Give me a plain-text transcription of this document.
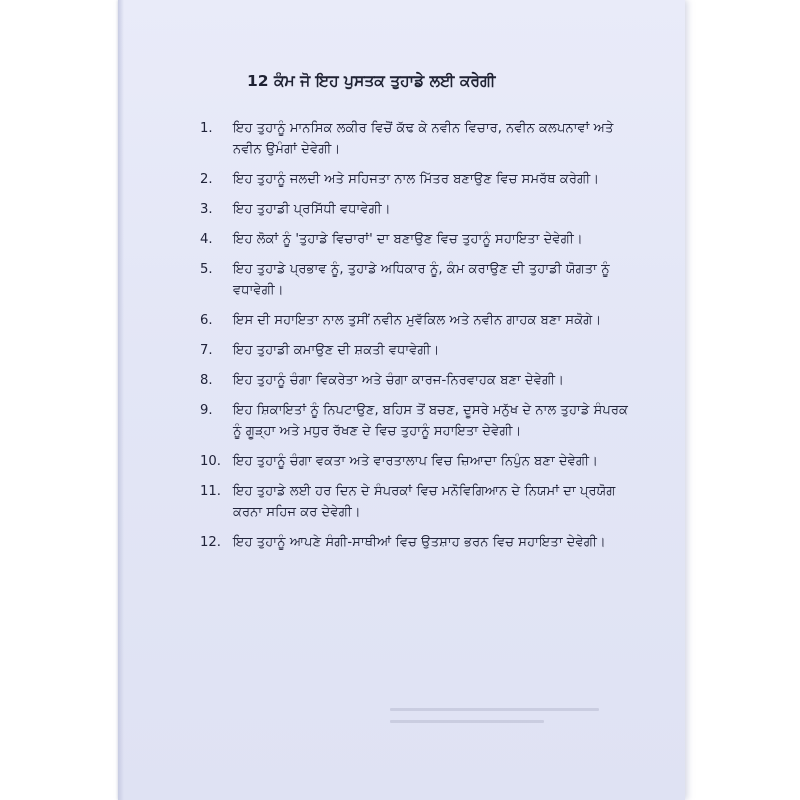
12 ਕੰਮ ਜੋ ਇਹ ਪੁਸਤਕ ਤੁਹਾਡੇ ਲਈ ਕਰੇਗੀ
1.	ਇਹ ਤੁਹਾਨੂੰ ਮਾਨਸਿਕ ਲਕੀਰ ਵਿਚੋਂ ਕੱਢ ਕੇ ਨਵੀਨ ਵਿਚਾਰ, ਨਵੀਨ ਕਲਪਨਾਵਾਂ ਅਤੇ ਨਵੀਨ ਉਮੰਗਾਂ ਦੇਵੇਗੀ।
2.	ਇਹ ਤੁਹਾਨੂੰ ਜਲਦੀ ਅਤੇ ਸਹਿਜਤਾ ਨਾਲ ਮਿੱਤਰ ਬਣਾਉਣ ਵਿਚ ਸਮਰੱਥ ਕਰੇਗੀ।
3.	ਇਹ ਤੁਹਾਡੀ ਪ੍ਰਸਿੱਧੀ ਵਧਾਵੇਗੀ।
4.	ਇਹ ਲੋਕਾਂ ਨੂੰ 'ਤੁਹਾਡੇ ਵਿਚਾਰਾਂ' ਦਾ ਬਣਾਉਣ ਵਿਚ ਤੁਹਾਨੂੰ ਸਹਾਇਤਾ ਦੇਵੇਗੀ।
5.	ਇਹ ਤੁਹਾਡੇ ਪ੍ਰਭਾਵ ਨੂੰ, ਤੁਹਾਡੇ ਅਧਿਕਾਰ ਨੂੰ, ਕੰਮ ਕਰਾਉਣ ਦੀ ਤੁਹਾਡੀ ਯੋਗਤਾ ਨੂੰ ਵਧਾਵੇਗੀ।
6.	ਇਸ ਦੀ ਸਹਾਇਤਾ ਨਾਲ ਤੁਸੀਂ ਨਵੀਨ ਮੁਵੱਕਿਲ ਅਤੇ ਨਵੀਨ ਗਾਹਕ ਬਣਾ ਸਕੋਗੇ।
7.	ਇਹ ਤੁਹਾਡੀ ਕਮਾਉਣ ਦੀ ਸ਼ਕਤੀ ਵਧਾਵੇਗੀ।
8.	ਇਹ ਤੁਹਾਨੂੰ ਚੰਗਾ ਵਿਕਰੇਤਾ ਅਤੇ ਚੰਗਾ ਕਾਰਜ-ਨਿਰਵਾਹਕ ਬਣਾ ਦੇਵੇਗੀ।
9.	ਇਹ ਸ਼ਿਕਾਇਤਾਂ ਨੂੰ ਨਿਪਟਾਉਣ, ਬਹਿਸ ਤੋਂ ਬਚਣ, ਦੂਸਰੇ ਮਨੁੱਖ ਦੇ ਨਾਲ ਤੁਹਾਡੇ ਸੰਪਰਕ ਨੂੰ ਗੂੜ੍ਹਾ ਅਤੇ ਮਧੁਰ ਰੱਖਣ ਦੇ ਵਿਚ ਤੁਹਾਨੂੰ ਸਹਾਇਤਾ ਦੇਵੇਗੀ।
10. ਇਹ ਤੁਹਾਨੂੰ ਚੰਗਾ ਵਕਤਾ ਅਤੇ ਵਾਰਤਾਲਾਪ ਵਿਚ ਜ਼ਿਆਦਾ ਨਿਪੁੰਨ ਬਣਾ ਦੇਵੇਗੀ।
11. ਇਹ ਤੁਹਾਡੇ ਲਈ ਹਰ ਦਿਨ ਦੇ ਸੰਪਰਕਾਂ ਵਿਚ ਮਨੋਵਿਗਿਆਨ ਦੇ ਨਿਯਮਾਂ ਦਾ ਪ੍ਰਯੋਗ ਕਰਨਾ ਸਹਿਜ ਕਰ ਦੇਵੇਗੀ।
12. ਇਹ ਤੁਹਾਨੂੰ ਆਪਣੇ ਸੰਗੀ-ਸਾਥੀਆਂ ਵਿਚ ਉਤਸ਼ਾਹ ਭਰਨ ਵਿਚ ਸਹਾਇਤਾ ਦੇਵੇਗੀ।
